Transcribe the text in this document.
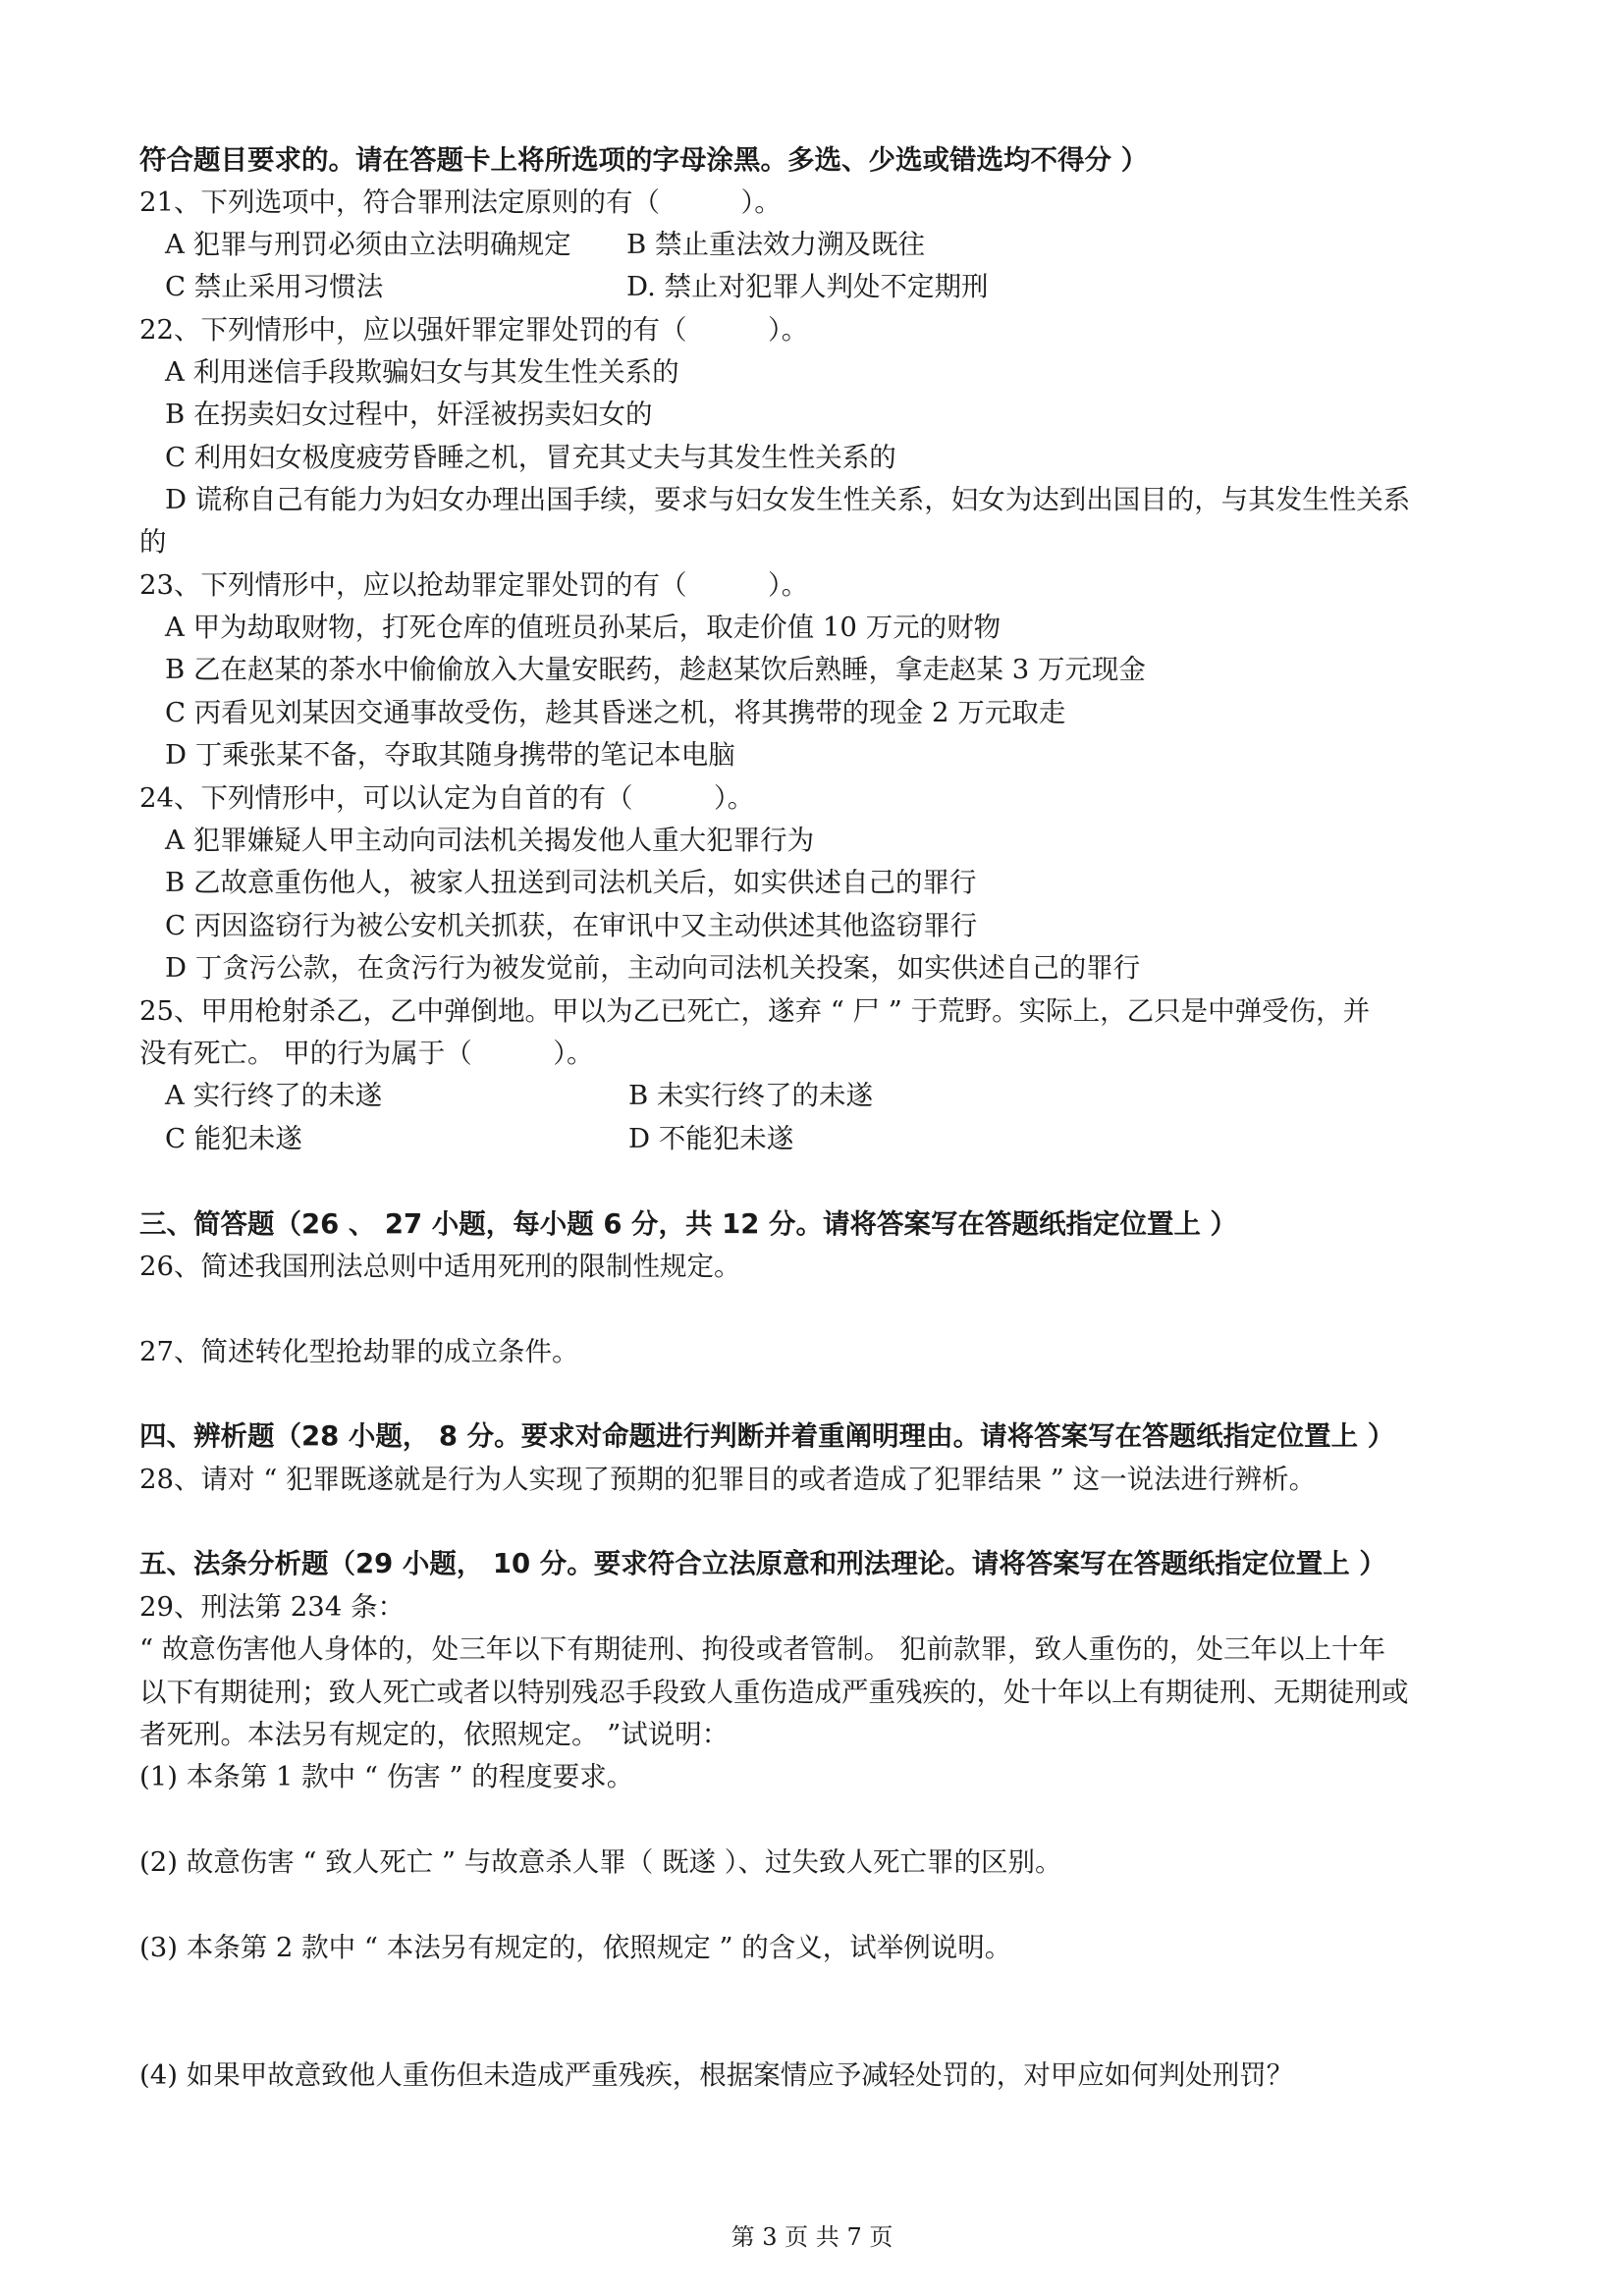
符合题目要求的。请在答题卡上将所选项的字母涂黑。多选、少选或错选均不得分 ）
21、下列选项中，符合罪刑法定原则的有（　　　）。
A 犯罪与刑罚必须由立法明确规定 B 禁止重法效力溯及既往
C 禁止采用习惯法	D. 禁止对犯罪人判处不定期刑
22、下列情形中，应以强奸罪定罪处罚的有（　　　）。
A 利用迷信手段欺骗妇女与其发生性关系的
B 在拐卖妇女过程中，奸淫被拐卖妇女的
C 利用妇女极度疲劳昏睡之机，冒充其丈夫与其发生性关系的
D 谎称自己有能力为妇女办理出国手续，要求与妇女发生性关系，妇女为达到出国目的，与其发生性关系
的
23、下列情形中，应以抢劫罪定罪处罚的有（　　　）。
A 甲为劫取财物，打死仓库的值班员孙某后，取走价值 10 万元的财物
B 乙在赵某的茶水中偷偷放入大量安眠药，趁赵某饮后熟睡，拿走赵某 3 万元现金
C 丙看见刘某因交通事故受伤，趁其昏迷之机，将其携带的现金 2 万元取走
D 丁乘张某不备，夺取其随身携带的笔记本电脑
24、下列情形中，可以认定为自首的有（　　　）。
A 犯罪嫌疑人甲主动向司法机关揭发他人重大犯罪行为
B 乙故意重伤他人，被家人扭送到司法机关后，如实供述自己的罪行
C 丙因盗窃行为被公安机关抓获，在审讯中又主动供述其他盗窃罪行
D 丁贪污公款，在贪污行为被发觉前，主动向司法机关投案，如实供述自己的罪行
25、甲用枪射杀乙，乙中弹倒地。甲以为乙已死亡，遂弃 “ 尸 ” 于荒野。实际上，乙只是中弹受伤，并
没有死亡。 甲的行为属于（　　　）。
A 实行终了的未遂	B 未实行终了的未遂
C 能犯未遂	D 不能犯未遂
三、简答题（26 、 27 小题，每小题 6 分，共 12 分。请将答案写在答题纸指定位置上 ）
26、简述我国刑法总则中适用死刑的限制性规定。
27、简述转化型抢劫罪的成立条件。
四、辨析题（28 小题， 8 分。要求对命题进行判断并着重阐明理由。请将答案写在答题纸指定位置上 ）
28、请对 “ 犯罪既遂就是行为人实现了预期的犯罪目的或者造成了犯罪结果 ” 这一说法进行辨析。
五、法条分析题（29 小题， 10 分。要求符合立法原意和刑法理论。请将答案写在答题纸指定位置上 ）
29、刑法第 234 条：
“ 故意伤害他人身体的，处三年以下有期徒刑、拘役或者管制。 犯前款罪，致人重伤的，处三年以上十年
以下有期徒刑；致人死亡或者以特别残忍手段致人重伤造成严重残疾的，处十年以上有期徒刑、无期徒刑或
者死刑。本法另有规定的，依照规定。 ”试说明：
(1) 本条第 1 款中 “ 伤害 ” 的程度要求。
(2) 故意伤害 “ 致人死亡 ” 与故意杀人罪（ 既遂 ）、过失致人死亡罪的区别。
(3) 本条第 2 款中 “ 本法另有规定的，依照规定 ” 的含义，试举例说明。
(4) 如果甲故意致他人重伤但未造成严重残疾，根据案情应予减轻处罚的，对甲应如何判处刑罚？
第 3 页 共 7 页
